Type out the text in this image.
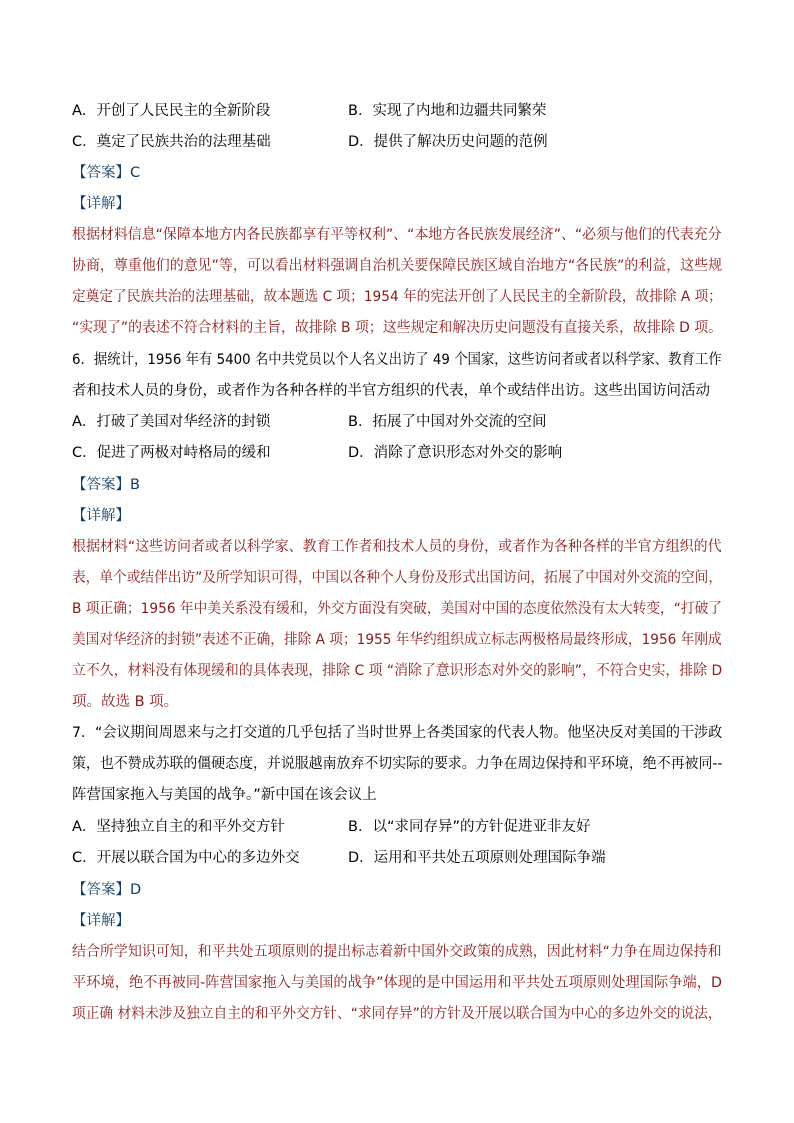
A．开创了人民民主的全新阶段	B．实现了内地和边疆共同繁荣
C．奠定了民族共治的法理基础	D．提供了解决历史问题的范例
【答案】C
【详解】
根据材料信息“保障本地方内各民族都享有平等权利”、“本地方各民族发展经济”、“必须与他们的代表充分
协商，尊重他们的意见”等，可以看出材料强调自治机关要保障民族区域自治地方“各民族”的利益，这些规
定奠定了民族共治的法理基础，故本题选 C 项；1954 年的宪法开创了人民民主的全新阶段，故排除 A 项；
“实现了”的表述不符合材料的主旨，故排除 B 项；这些规定和解决历史问题没有直接关系，故排除 D 项。
6．据统计，1956 年有 5400 名中共党员以个人名义出访了 49 个国家，这些访问者或者以科学家、教育工作
者和技术人员的身份，或者作为各种各样的半官方组织的代表，单个或结伴出访。这些出国访问活动
A．打破了美国对华经济的封锁	B．拓展了中国对外交流的空间
C．促进了两极对峙格局的缓和	D．消除了意识形态对外交的影响
【答案】B
【详解】
根据材料“这些访问者或者以科学家、教育工作者和技术人员的身份，或者作为各种各样的半官方组织的代
表，单个或结伴出访”及所学知识可得，中国以各种个人身份及形式出国访问，拓展了中国对外交流的空间，
B 项正确；1956 年中美关系没有缓和，外交方面没有突破，美国对中国的态度依然没有太大转变，“打破了
美国对华经济的封锁”表述不正确，排除 A 项；1955 年华约组织成立标志两极格局最终形成，1956 年刚成
立不久，材料没有体现缓和的具体表现，排除 C 项 “消除了意识形态对外交的影响”，不符合史实，排除 D
项。故选 B 项。
7．“会议期间周恩来与之打交道的几乎包括了当时世界上各类国家的代表人物。他坚决反对美国的干涉政
策，也不赞成苏联的僵硬态度，并说服越南放弃不切实际的要求。力争在周边保持和平环境，绝不再被同--
阵营国家拖入与美国的战争。”新中国在该会议上
A．坚持独立自主的和平外交方针	B．以“求同存异”的方针促进亚非友好
C．开展以联合国为中心的多边外交	D．运用和平共处五项原则处理国际争端
【答案】D
【详解】
结合所学知识可知，和平共处五项原则的提出标志着新中国外交政策的成熟，因此材料“力争在周边保持和
平环境，绝不再被同-阵营国家拖入与美国的战争”体现的是中国运用和平共处五项原则处理国际争端，D
项正确 材料未涉及独立自主的和平外交方针、“求同存异”的方针及开展以联合国为中心的多边外交的说法，
